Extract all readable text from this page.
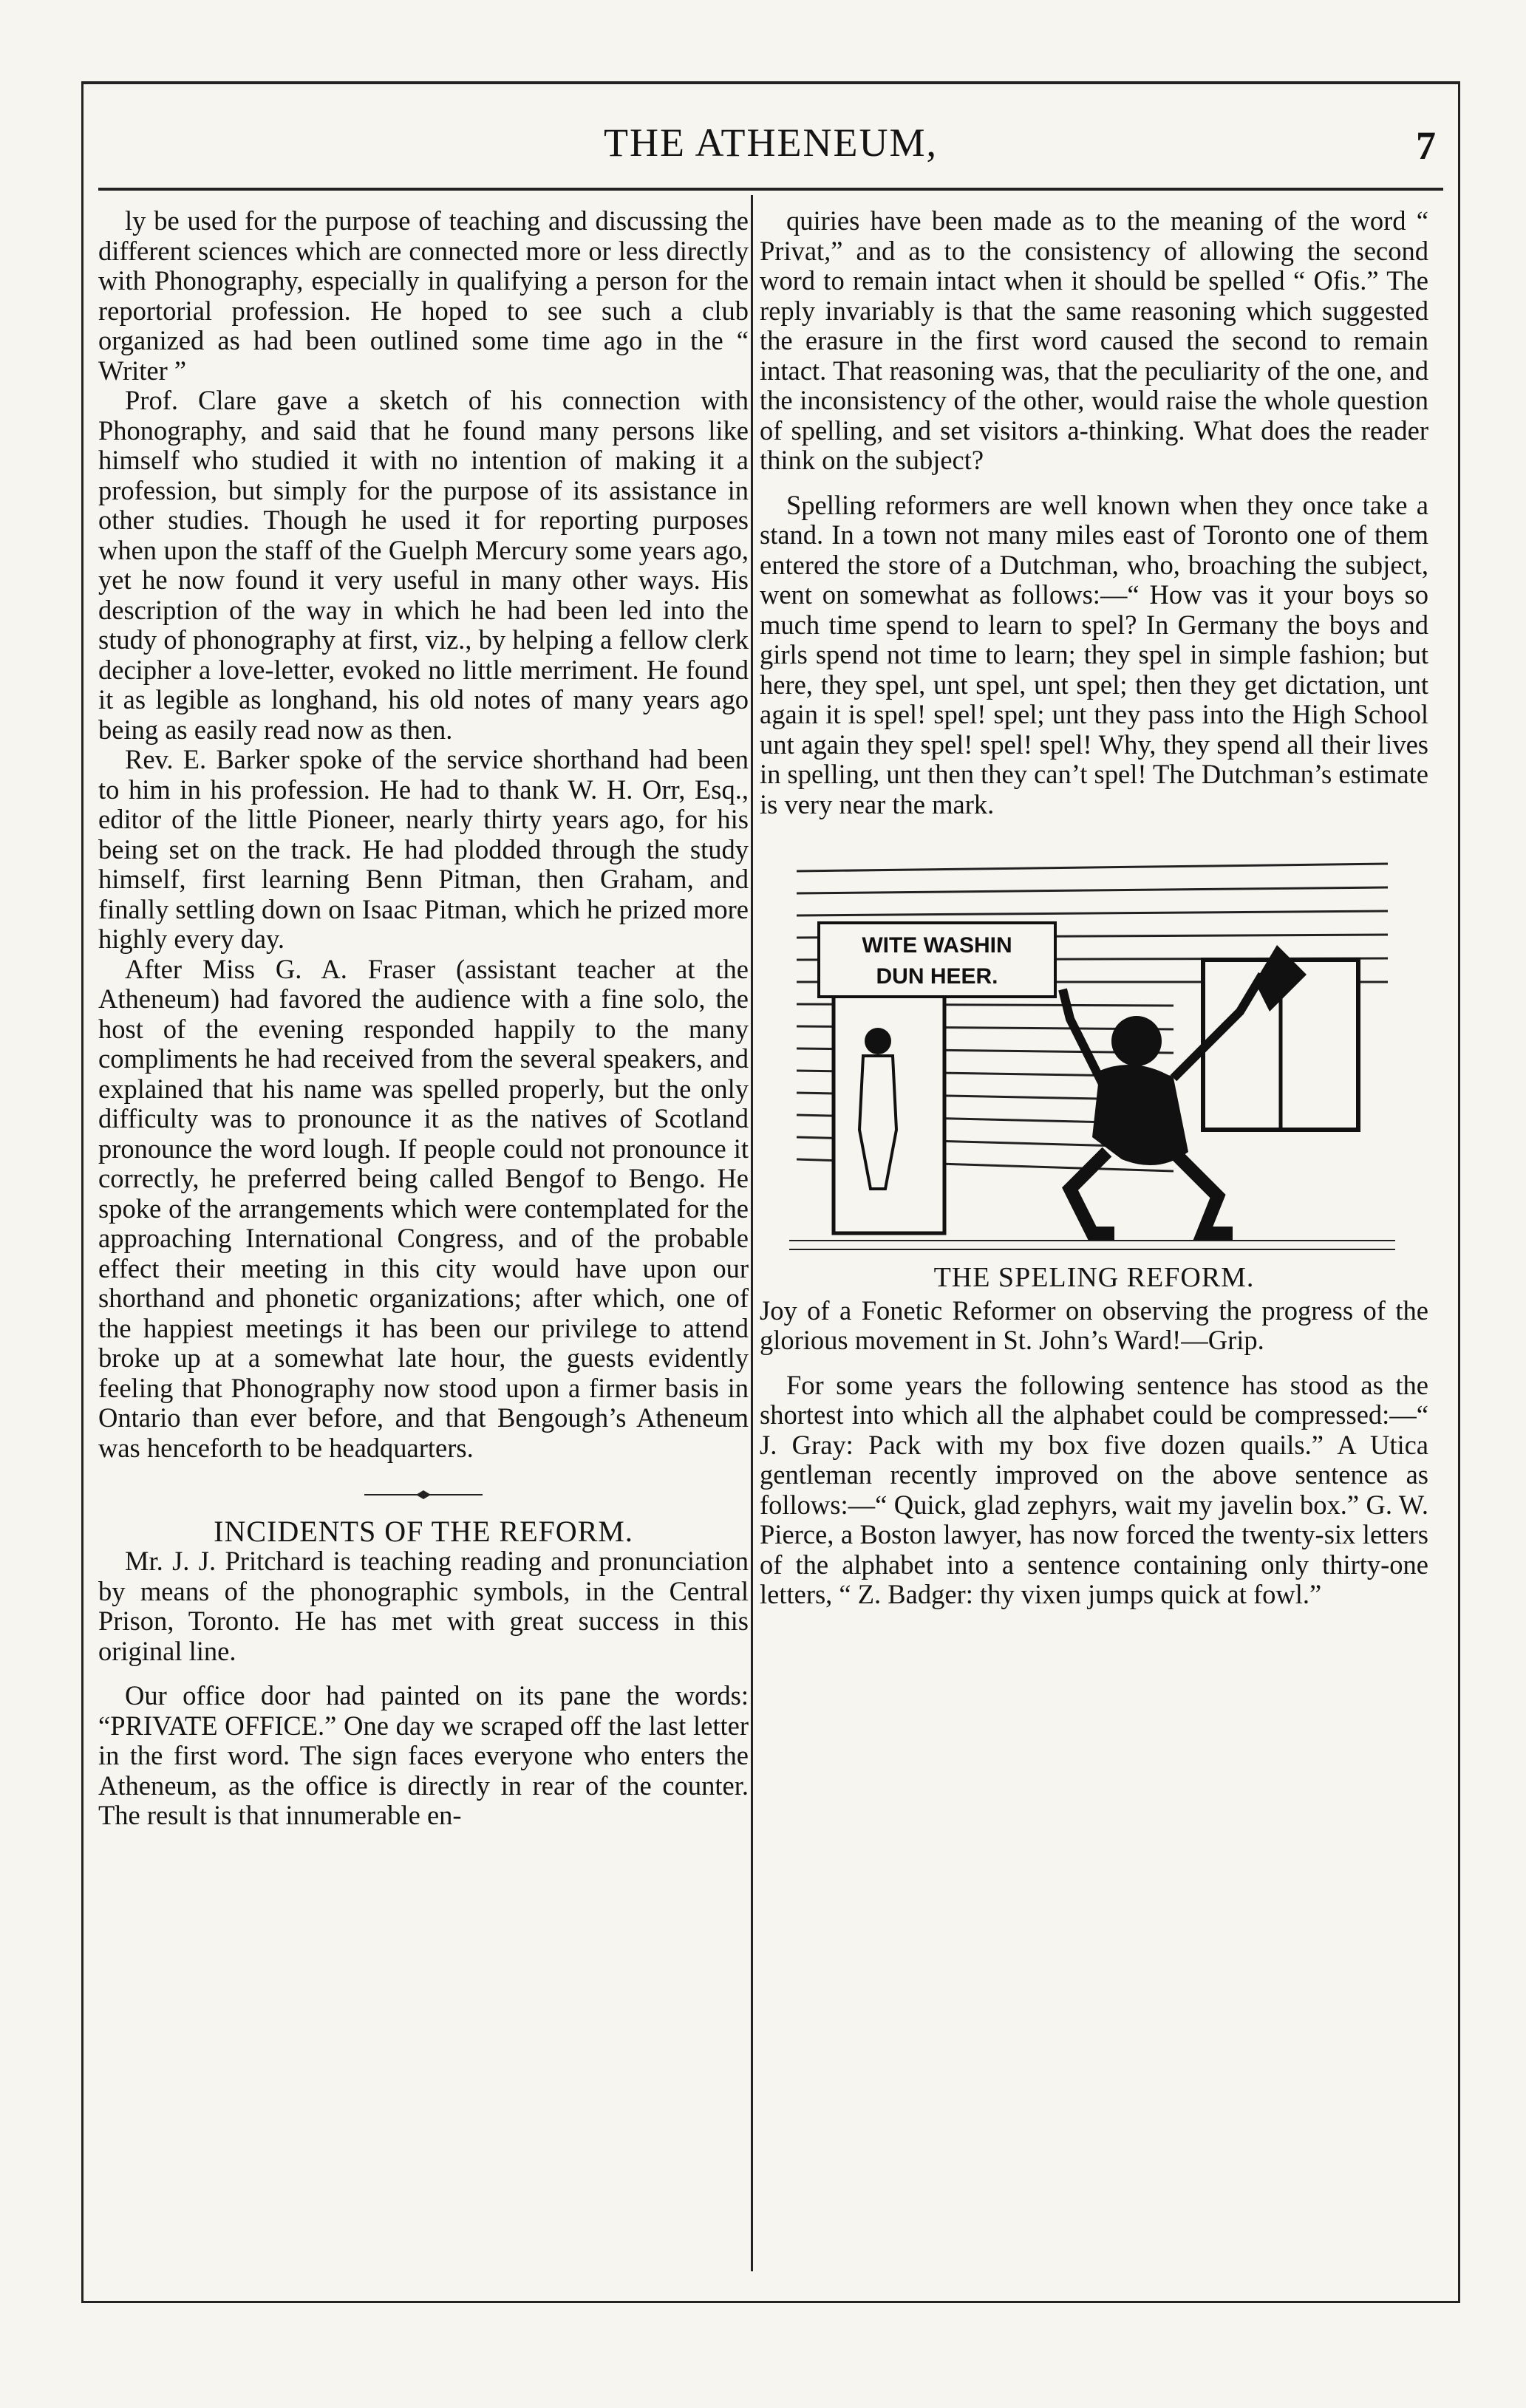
THE ATHENEUM,	7

ly be used for the purpose of teaching and discussing the different sciences which are connected more or less directly with Phonography, especially in qualifying a person for the reportorial profession. He hoped to see such a club organized as had been outlined some time ago in the “ Writer ”

Prof. Clare gave a sketch of his connection with Phonography, and said that he found many persons like himself who studied it with no intention of making it a profession, but simply for the purpose of its assistance in other studies. Though he used it for reporting purposes when upon the staff of the Guelph Mercury some years ago, yet he now found it very useful in many other ways. His description of the way in which he had been led into the study of phonography at first, viz., by helping a fellow clerk decipher a love-letter, evoked no little merriment. He found it as legible as longhand, his old notes of many years ago being as easily read now as then.

Rev. E. Barker spoke of the service shorthand had been to him in his profession. He had to thank W. H. Orr, Esq., editor of the little Pioneer, nearly thirty years ago, for his being set on the track. He had plodded through the study himself, first learning Benn Pitman, then Graham, and finally settling down on Isaac Pitman, which he prized more highly every day.

After Miss G. A. Fraser (assistant teacher at the Atheneum) had favored the audience with a fine solo, the host of the evening responded happily to the many compliments he had received from the several speakers, and explained that his name was spelled properly, but the only difficulty was to pronounce it as the natives of Scotland pronounce the word lough. If people could not pronounce it correctly, he preferred being called Bengof to Bengo. He spoke of the arrangements which were contemplated for the approaching International Congress, and of the probable effect their meeting in this city would have upon our shorthand and phonetic organizations; after which, one of the happiest meetings it has been our privilege to attend broke up at a somewhat late hour, the guests evidently feeling that Phonography now stood upon a firmer basis in Ontario than ever before, and that Bengough’s Atheneum was henceforth to be headquarters.

INCIDENTS OF THE REFORM.

Mr. J. J. Pritchard is teaching reading and pronunciation by means of the phonographic symbols, in the Central Prison, Toronto. He has met with great success in this original line.

Our office door had painted on its pane the words: “PRIVATE OFFICE.” One day we scraped off the last letter in the first word. The sign faces everyone who enters the Atheneum, as the office is directly in rear of the counter. The result is that innumerable en-

quiries have been made as to the meaning of the word “ Privat,” and as to the consistency of allowing the second word to remain intact when it should be spelled “ Ofis.” The reply invariably is that the same reasoning which suggested the erasure in the first word caused the second to remain intact. That reasoning was, that the peculiarity of the one, and the inconsistency of the other, would raise the whole question of spelling, and set visitors a-thinking. What does the reader think on the subject?

Spelling reformers are well known when they once take a stand. In a town not many miles east of Toronto one of them entered the store of a Dutchman, who, broaching the subject, went on somewhat as follows:—“ How vas it your boys so much time spend to learn to spel? In Germany the boys and girls spend not time to learn; they spel in simple fashion; but here, they spel, unt spel, unt spel; then they get dictation, unt again it is spel! spel! spel; unt they pass into the High School unt again they spel! spel! spel! Why, they spend all their lives in spelling, unt then they can’t spel! The Dutchman’s estimate is very near the mark.

WITE WASHIN
DUN HEER.
THE SPELING REFORM.

Joy of a Fonetic Reformer on observing the progress of the glorious movement in St. John’s Ward!—Grip.

For some years the following sentence has stood as the shortest into which all the alphabet could be compressed:—“ J. Gray: Pack with my box five dozen quails.” A Utica gentleman recently improved on the above sentence as follows:—“ Quick, glad zephyrs, wait my javelin box.” G. W. Pierce, a Boston lawyer, has now forced the twenty-six letters of the alphabet into a sentence containing only thirty-one letters, “ Z. Badger: thy vixen jumps quick at fowl.”
